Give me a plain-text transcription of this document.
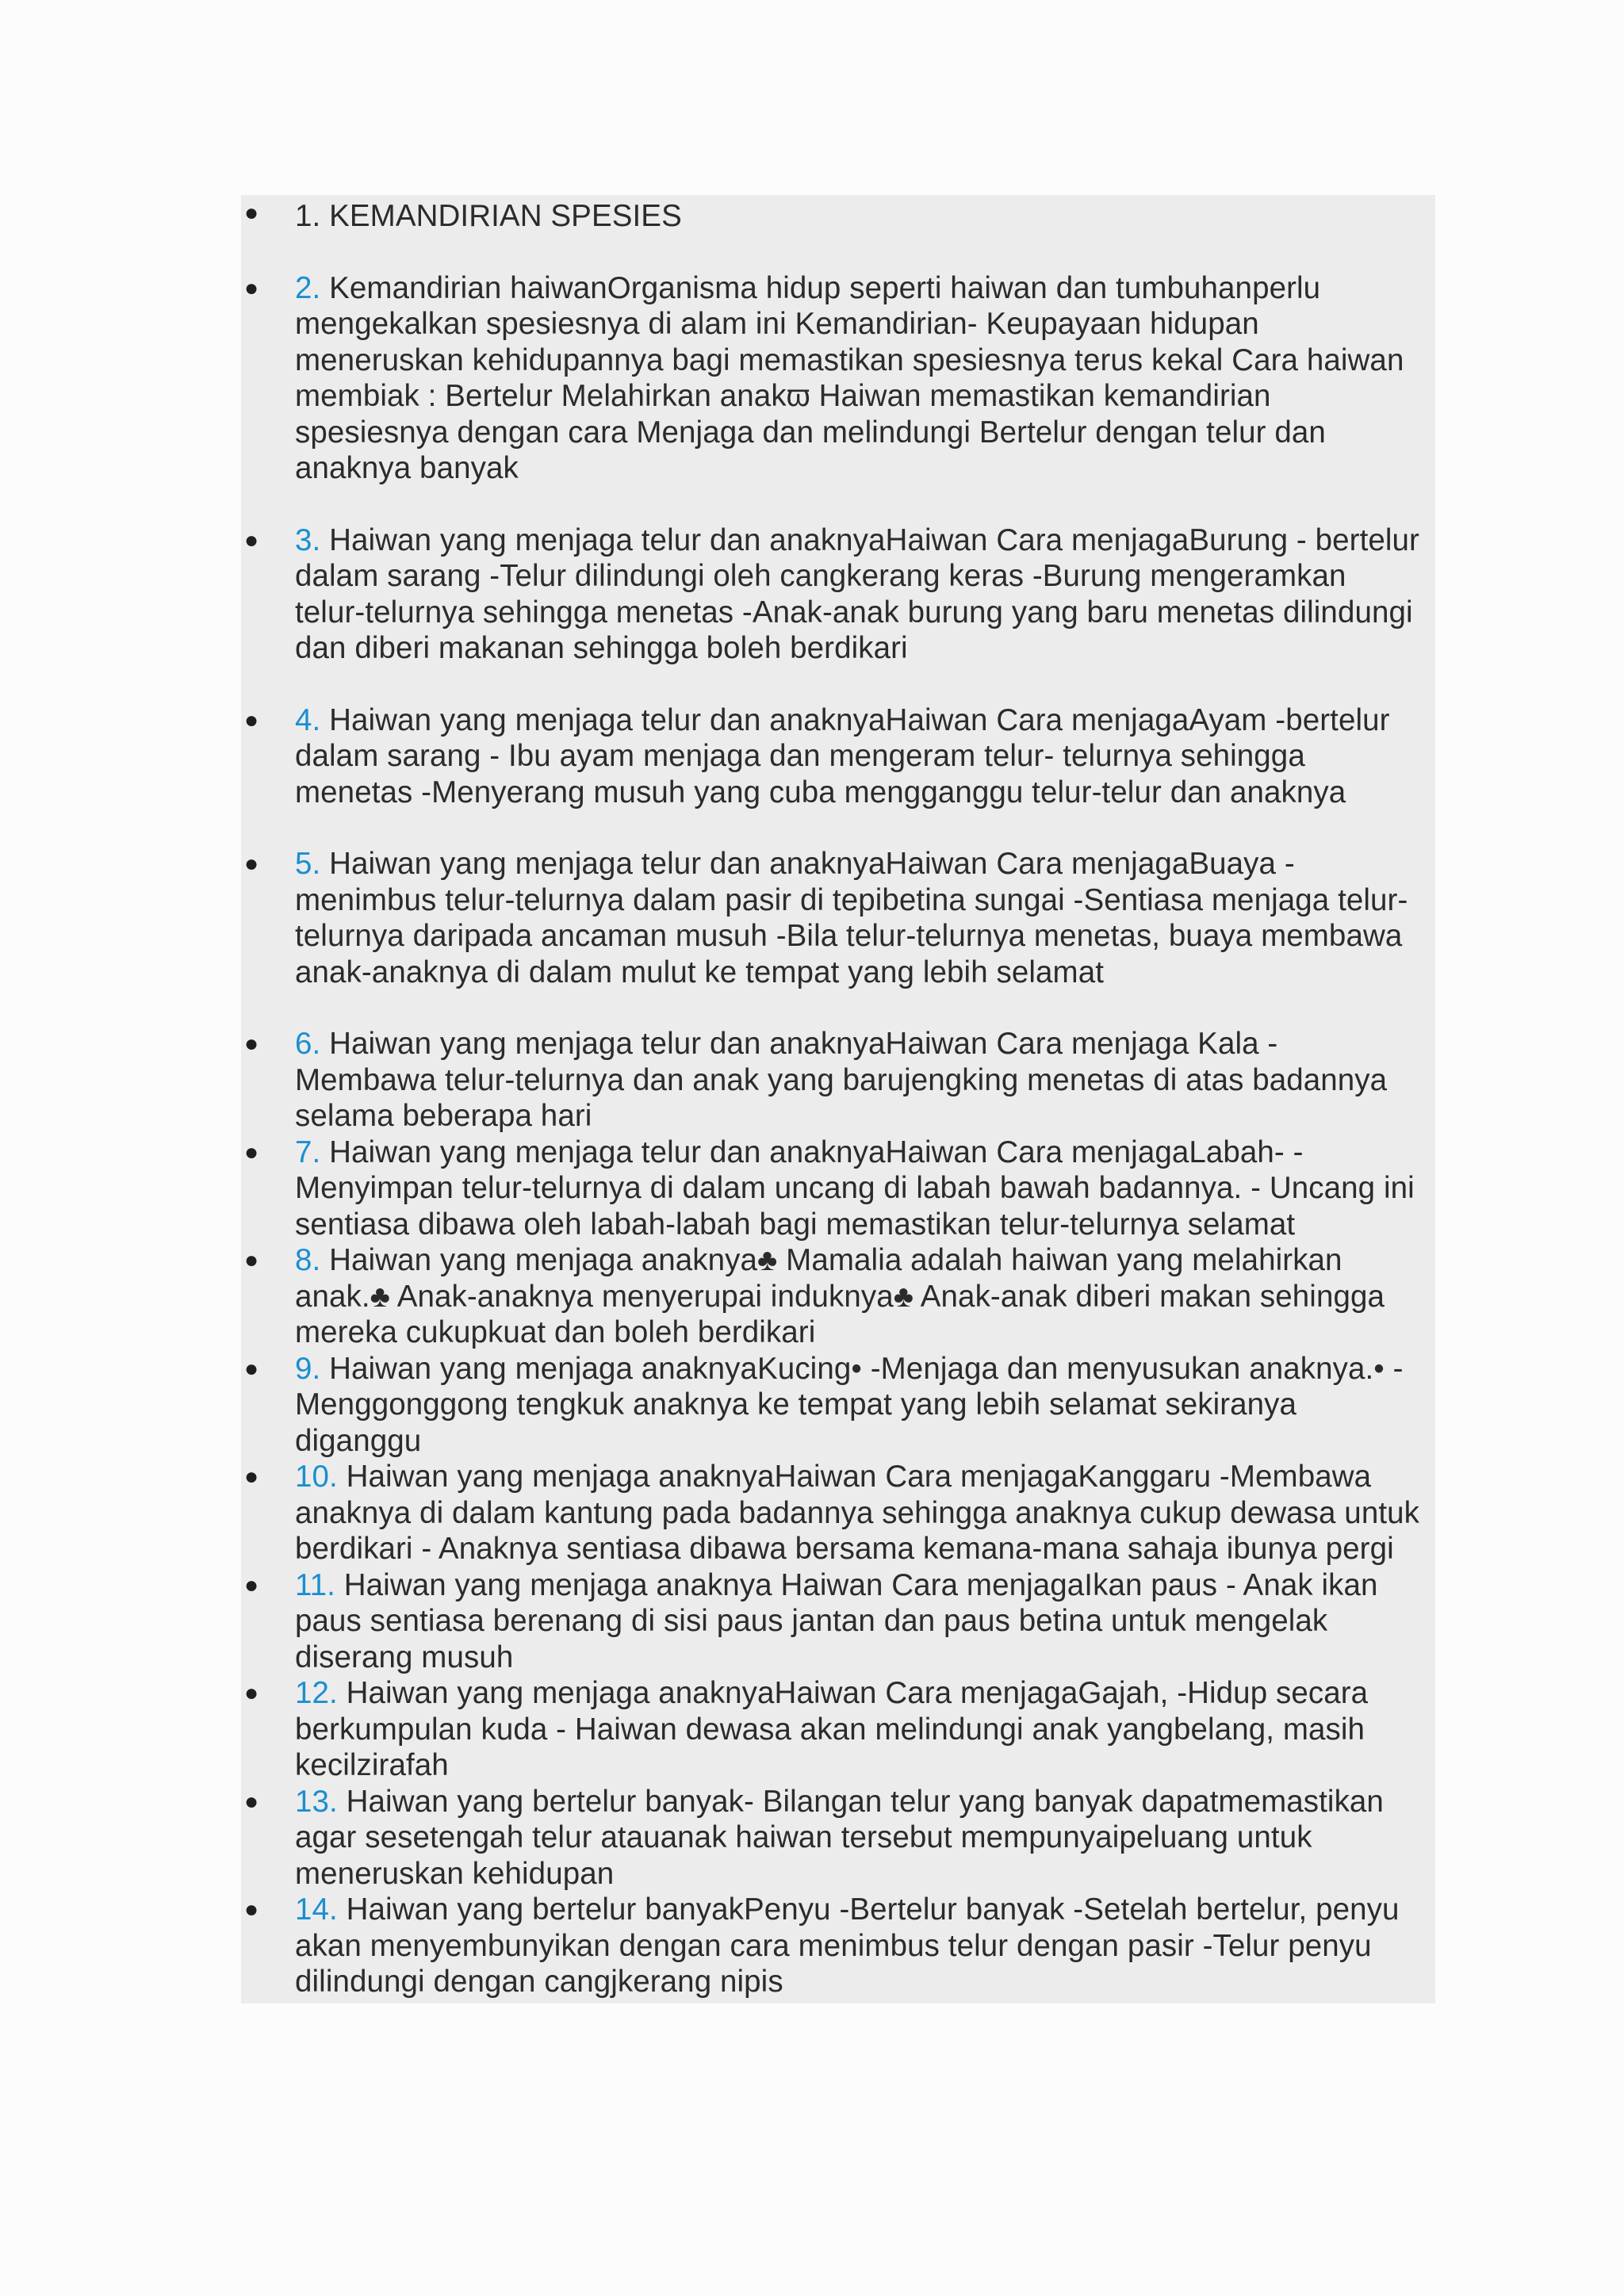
● 1. KEMANDIRIAN SPESIES
● 2. Kemandirian haiwanOrganisma hidup seperti haiwan dan tumbuhanperlu mengekalkan spesiesnya di alam ini Kemandirian- Keupayaan hidupan meneruskan kehidupannya bagi memastikan spesiesnya terus kekal Cara haiwan membiak : Bertelur Melahirkan anakϖ Haiwan memastikan kemandirian spesiesnya dengan cara Menjaga dan melindungi Bertelur dengan telur dan anaknya banyak
● 3. Haiwan yang menjaga telur dan anaknyaHaiwan Cara menjagaBurung - bertelur dalam sarang -Telur dilindungi oleh cangkerang keras -Burung mengeramkan telur-telurnya sehingga menetas -Anak-anak burung yang baru menetas dilindungi dan diberi makanan sehingga boleh berdikari
● 4. Haiwan yang menjaga telur dan anaknyaHaiwan Cara menjagaAyam -bertelur dalam sarang - Ibu ayam menjaga dan mengeram telur- telurnya sehingga menetas -Menyerang musuh yang cuba mengganggu telur-telur dan anaknya
● 5. Haiwan yang menjaga telur dan anaknyaHaiwan Cara menjagaBuaya - menimbus telur-telurnya dalam pasir di tepibetina sungai -Sentiasa menjaga telur-telurnya daripada ancaman musuh -Bila telur-telurnya menetas, buaya membawa anak-anaknya di dalam mulut ke tempat yang lebih selamat
● 6. Haiwan yang menjaga telur dan anaknyaHaiwan Cara menjaga Kala - Membawa telur-telurnya dan anak yang barujengking menetas di atas badannya selama beberapa hari
● 7. Haiwan yang menjaga telur dan anaknyaHaiwan Cara menjagaLabah- - Menyimpan telur-telurnya di dalam uncang di labah bawah badannya. - Uncang ini sentiasa dibawa oleh labah-labah bagi memastikan telur-telurnya selamat
● 8. Haiwan yang menjaga anaknya♣ Mamalia adalah haiwan yang melahirkan anak.♣ Anak-anaknya menyerupai induknya♣ Anak-anak diberi makan sehingga mereka cukupkuat dan boleh berdikari
● 9. Haiwan yang menjaga anaknyaKucing• -Menjaga dan menyusukan anaknya.• - Menggonggong tengkuk anaknya ke tempat yang lebih selamat sekiranya diganggu
● 10. Haiwan yang menjaga anaknyaHaiwan Cara menjagaKanggaru -Membawa anaknya di dalam kantung pada badannya sehingga anaknya cukup dewasa untuk berdikari - Anaknya sentiasa dibawa bersama kemana-mana sahaja ibunya pergi
● 11. Haiwan yang menjaga anaknya Haiwan Cara menjagaIkan paus - Anak ikan paus sentiasa berenang di sisi paus jantan dan paus betina untuk mengelak diserang musuh
● 12. Haiwan yang menjaga anaknyaHaiwan Cara menjagaGajah, -Hidup secara berkumpulan kuda - Haiwan dewasa akan melindungi anak yangbelang, masih kecilzirafah
● 13. Haiwan yang bertelur banyak- Bilangan telur yang banyak dapatmemastikan agar sesetengah telur atauanak haiwan tersebut mempunyaipeluang untuk meneruskan kehidupan
● 14. Haiwan yang bertelur banyakPenyu -Bertelur banyak -Setelah bertelur, penyu akan menyembunyikan dengan cara menimbus telur dengan pasir -Telur penyu dilindungi dengan cangjkerang nipis
